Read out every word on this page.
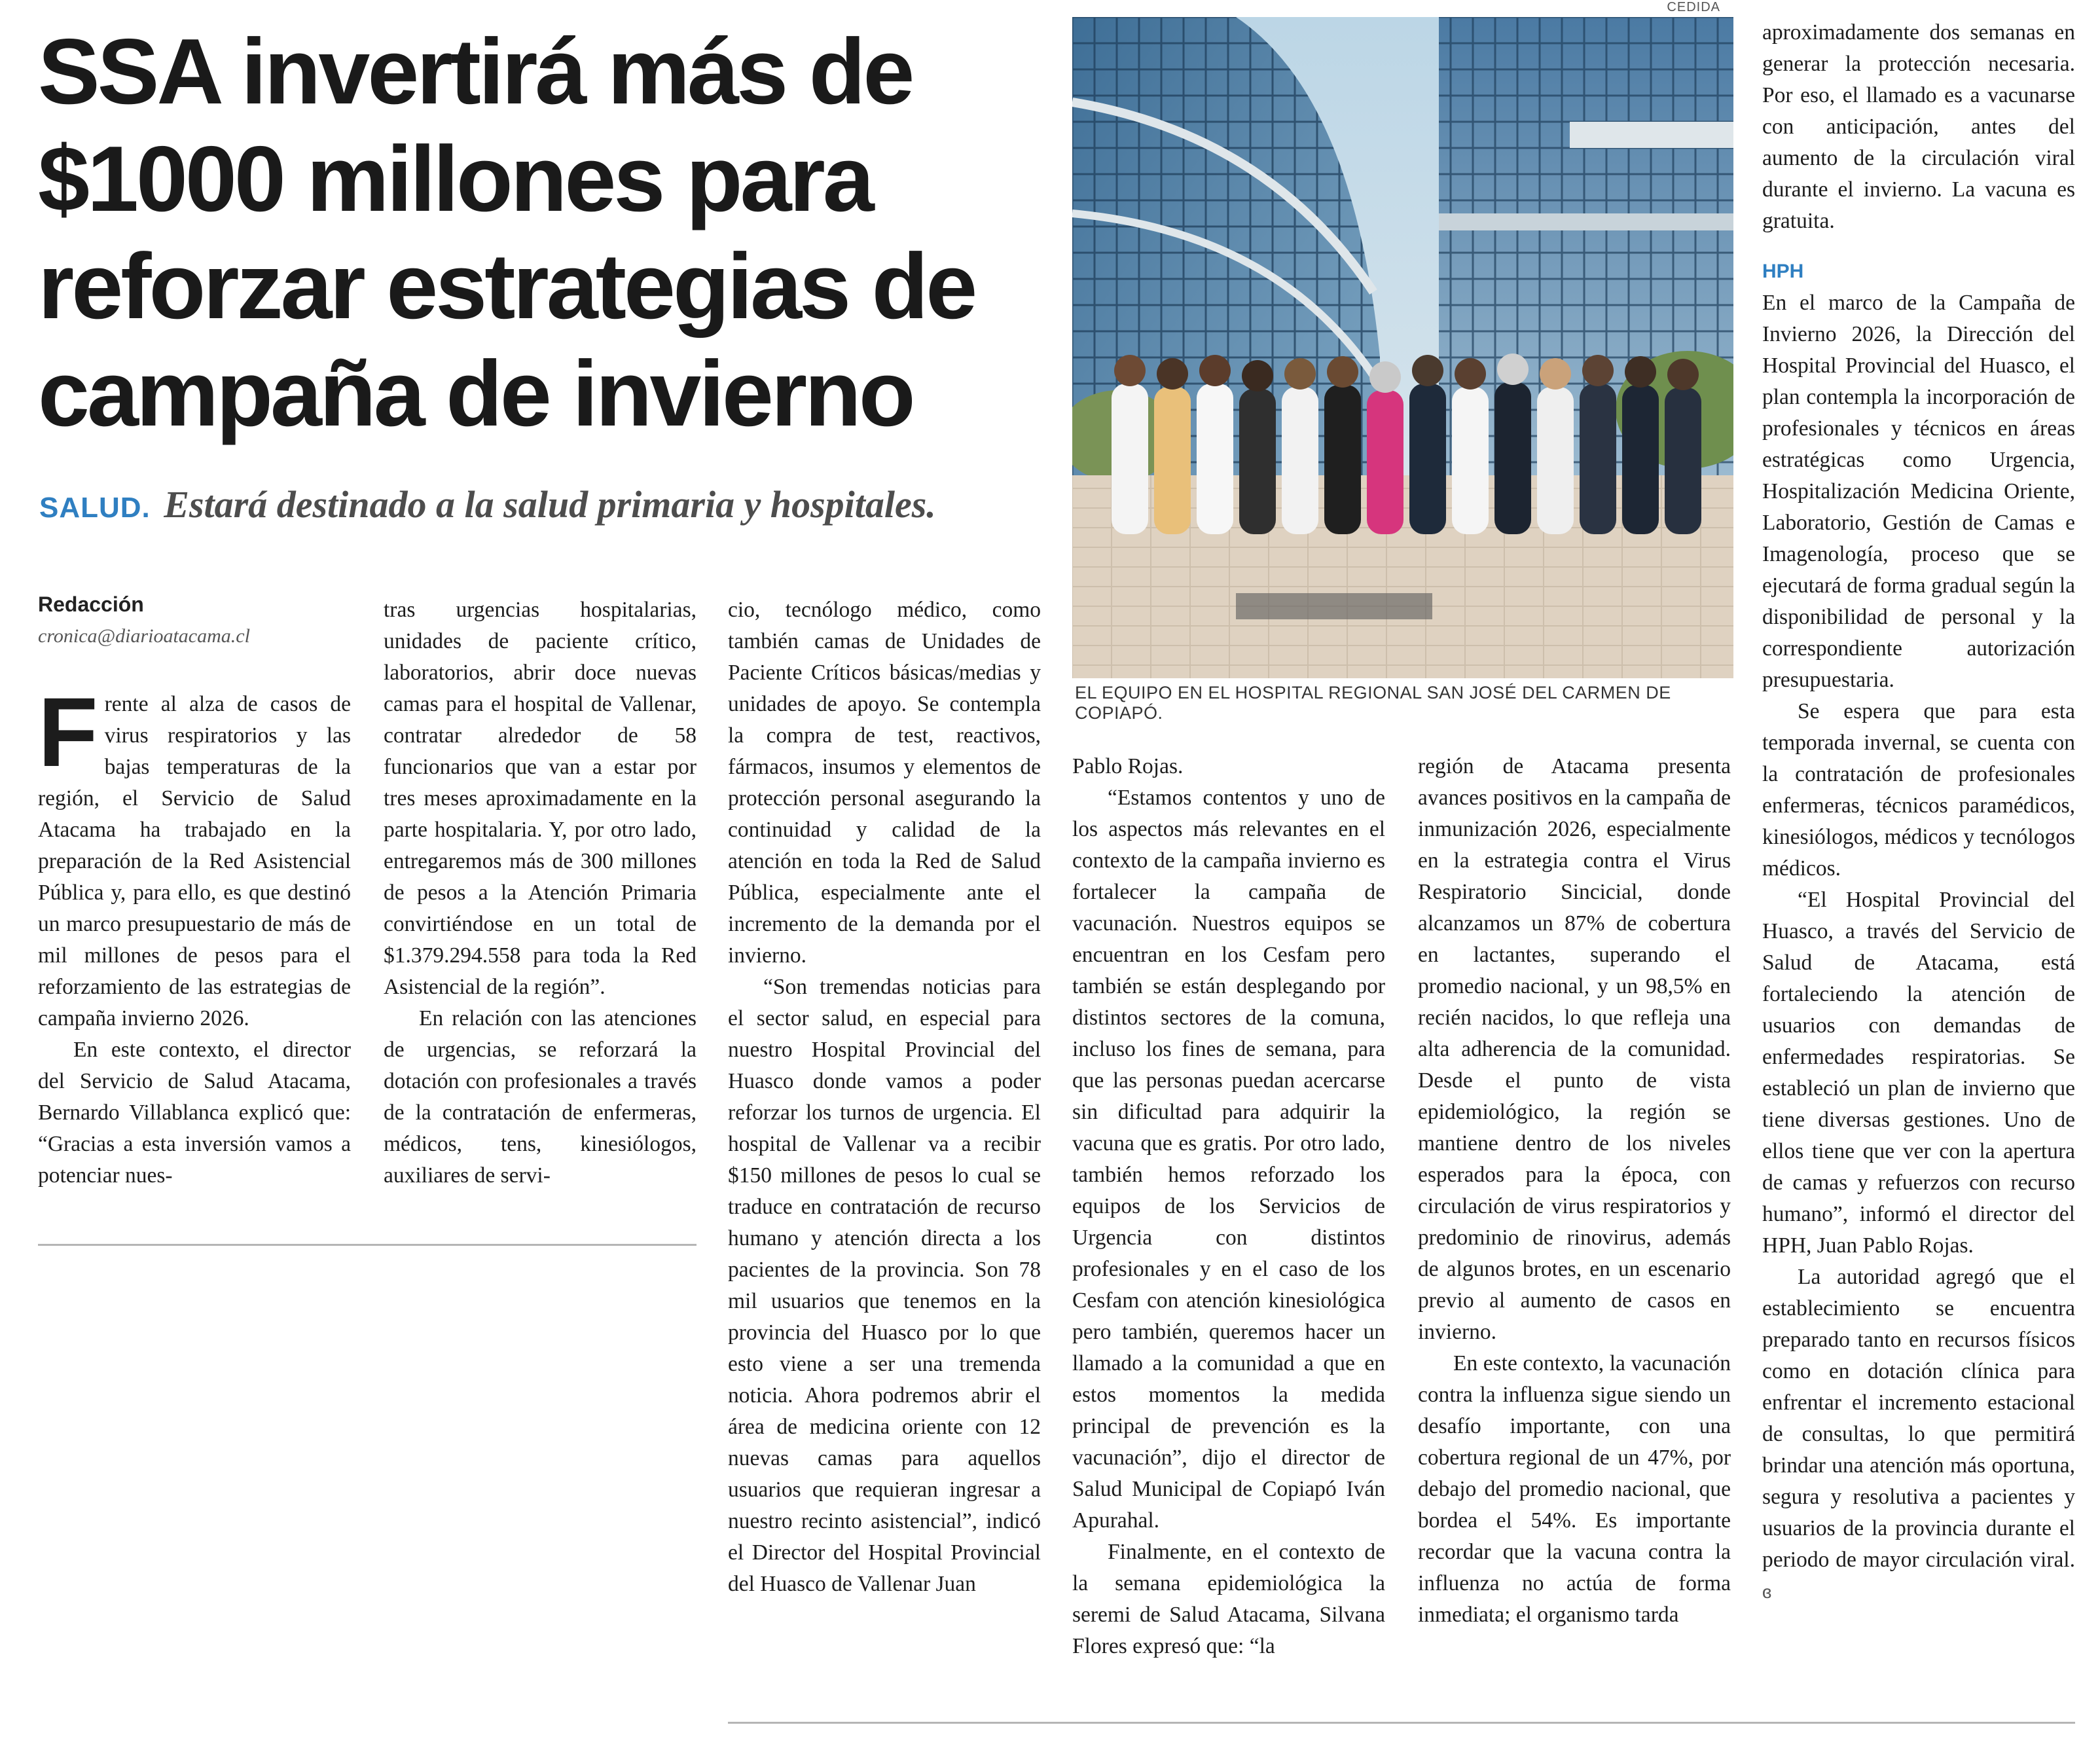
SSA invertirá más de $1000 millones para reforzar estrategias de campaña de invierno
SALUD. Estará destinado a la salud primaria y hospitales.
Redacción
cronica@diarioatacama.cl

Frente al alza de casos de virus respiratorios y las bajas temperaturas de la región, el Servicio de Salud Atacama ha trabajado en la preparación de la Red Asistencial Pública y, para ello, es que destinó un marco presupuestario de más de mil millones de pesos para el reforzamiento de las estrategias de campaña invierno 2026.

En este contexto, el director del Servicio de Salud Atacama, Bernardo Villablanca explicó que: “Gracias a esta inversión vamos a potenciar nues-

tras urgencias hospitalarias, unidades de paciente crítico, laboratorios, abrir doce nuevas camas para el hospital de Vallenar, contratar alrededor de 58 funcionarios que van a estar por tres meses aproximadamente en la parte hospitalaria. Y, por otro lado, entregaremos más de 300 millones de pesos a la Atención Primaria convirtiéndose en un total de $1.379.294.558 para toda la Red Asistencial de la región”.

En relación con las atenciones de urgencias, se reforzará la dotación con profesionales a través de la contratación de enfermeras, médicos, tens, kinesiólogos, auxiliares de servi-

cio, tecnólogo médico, como también camas de Unidades de Paciente Críticos básicas/medias y unidades de apoyo. Se contempla la compra de test, reactivos, fármacos, insumos y elementos de protección personal asegurando la continuidad y calidad de la atención en toda la Red de Salud Pública, especialmente ante el incremento de la demanda por el invierno.

“Son tremendas noticias para el sector salud, en especial para nuestro Hospital Provincial del Huasco donde vamos a poder reforzar los turnos de urgencia. El hospital de Vallenar va a recibir $150 millones de pesos lo cual se traduce en contratación de recurso humano y atención directa a los pacientes de la provincia. Son 78 mil usuarios que tenemos en la provincia del Huasco por lo que esto viene a ser una tremenda noticia. Ahora podremos abrir el área de medicina oriente con 12 nuevas camas para aquellos usuarios que requieran ingresar a nuestro recinto asistencial”, indicó el Director del Hospital Provincial del Huasco de Vallenar Juan

CEDIDA
EL EQUIPO EN EL HOSPITAL REGIONAL SAN JOSÉ DEL CARMEN DE COPIAPÓ.

Pablo Rojas.

“Estamos contentos y uno de los aspectos más relevantes en el contexto de la campaña invierno es fortalecer la campaña de vacunación. Nuestros equipos se encuentran en los Cesfam pero también se están desplegando por distintos sectores de la comuna, incluso los fines de semana, para que las personas puedan acercarse sin dificultad para adquirir la vacuna que es gratis. Por otro lado, también hemos reforzado los equipos de los Servicios de Urgencia con distintos profesionales y en el caso de los Cesfam con atención kinesiológica pero también, queremos hacer un llamado a la comunidad a que en estos momentos la medida principal de prevención es la vacunación”, dijo el director de Salud Municipal de Copiapó Iván Apurahal.

Finalmente, en el contexto de la semana epidemiológica la seremi de Salud Atacama, Silvana Flores expresó que: “la

región de Atacama presenta avances positivos en la campaña de inmunización 2026, especialmente en la estrategia contra el Virus Respiratorio Sincicial, donde alcanzamos un 87% de cobertura en lactantes, superando el promedio nacional, y un 98,5% en recién nacidos, lo que refleja una alta adherencia de la comunidad. Desde el punto de vista epidemiológico, la región se mantiene dentro de los niveles esperados para la época, con circulación de virus respiratorios y predominio de rinovirus, además de algunos brotes, en un escenario previo al aumento de casos en invierno.

En este contexto, la vacunación contra la influenza sigue siendo un desafío importante, con una cobertura regional de un 47%, por debajo del promedio nacional, que bordea el 54%. Es importante recordar que la vacuna contra la influenza no actúa de forma inmediata; el organismo tarda

aproximadamente dos semanas en generar la protección necesaria. Por eso, el llamado es a vacunarse con anticipación, antes del aumento de la circulación viral durante el invierno. La vacuna es gratuita.

HPH

En el marco de la Campaña de Invierno 2026, la Dirección del Hospital Provincial del Huasco, el plan contempla la incorporación de profesionales y técnicos en áreas estratégicas como Urgencia, Hospitalización Medicina Oriente, Laboratorio, Gestión de Camas e Imagenología, proceso que se ejecutará de forma gradual según la disponibilidad de personal y la correspondiente autorización presupuestaria.

Se espera que para esta temporada invernal, se cuenta con la contratación de profesionales enfermeras, técnicos paramédicos, kinesiólogos, médicos y tecnólogos médicos.

“El Hospital Provincial del Huasco, a través del Servicio de Salud de Atacama, está fortaleciendo la atención de usuarios con demandas de enfermedades respiratorias. Se estableció un plan de invierno que tiene diversas gestiones. Uno de ellos tiene que ver con la apertura de camas y refuerzos con recurso humano”, informó el director del HPH, Juan Pablo Rojas.

La autoridad agregó que el establecimiento se encuentra preparado tanto en recursos físicos como en dotación clínica para enfrentar el incremento estacional de consultas, lo que permitirá brindar una atención más oportuna, segura y resolutiva a pacientes y usuarios de la provincia durante el periodo de mayor circulación viral. ɞ
